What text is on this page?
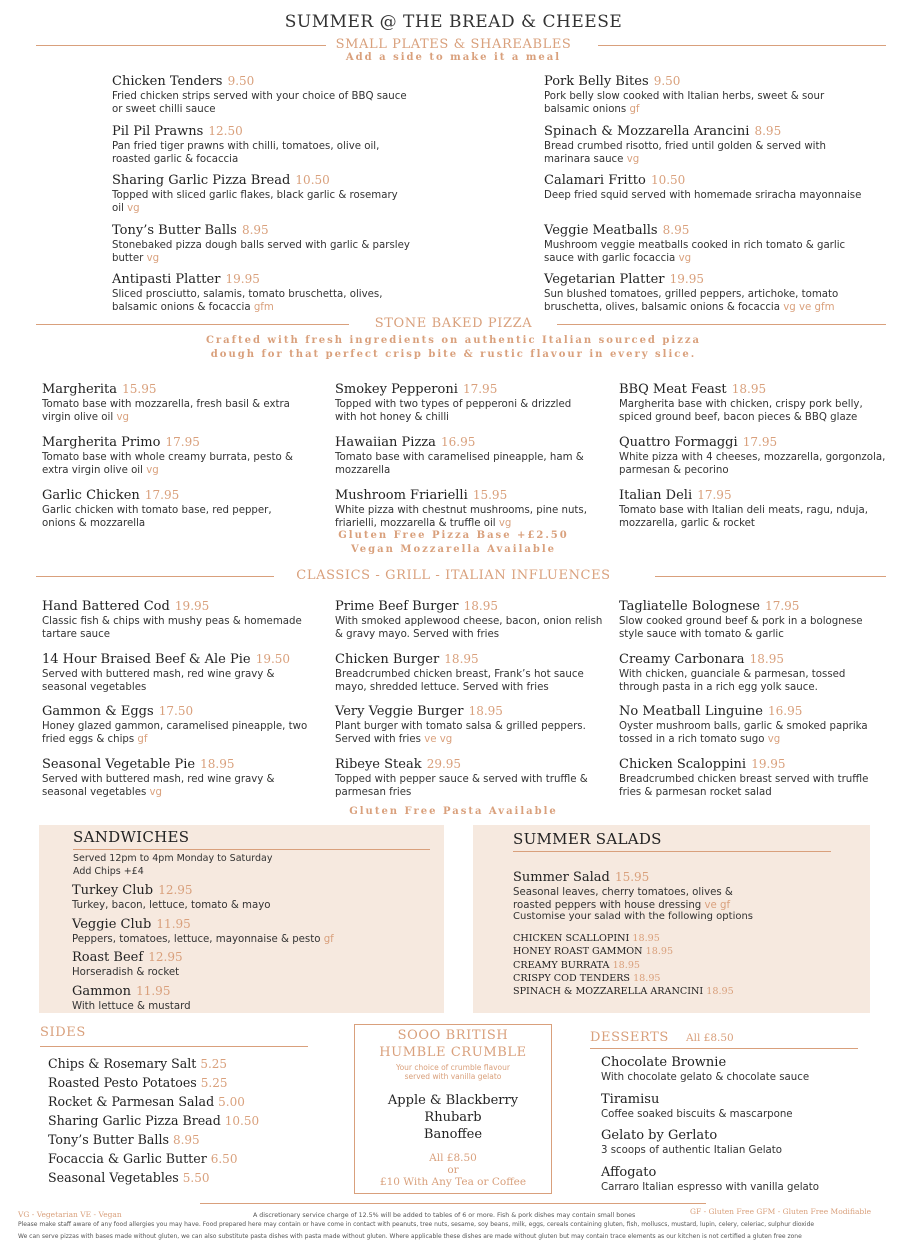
SUMMER @ THE BREAD & CHEESE
SMALL PLATES & SHAREABLES
Add a side to make it a meal
Chicken Tenders 9.50
Fried chicken strips served with your choice of BBQ sauce or sweet chilli sauce
Pil Pil Prawns 12.50
Pan fried tiger prawns with chilli, tomatoes, olive oil, roasted garlic & focaccia
Sharing Garlic Pizza Bread 10.50
Topped with sliced garlic flakes, black garlic & rosemary oil vg
Tony’s Butter Balls 8.95
Stonebaked pizza dough balls served with garlic & parsley butter vg
Antipasti Platter 19.95
Sliced prosciutto, salamis, tomato bruschetta, olives, balsamic onions & focaccia gfm
Pork Belly Bites 9.50
Pork belly slow cooked with Italian herbs, sweet & sour balsamic onions gf
Spinach & Mozzarella Arancini 8.95
Bread crumbed risotto, fried until golden & served with marinara sauce vg
Calamari Fritto 10.50
Deep fried squid served with homemade sriracha mayonnaise
Veggie Meatballs 8.95
Mushroom veggie meatballs cooked in rich tomato & garlic sauce with garlic focaccia vg
Vegetarian Platter 19.95
Sun blushed tomatoes, grilled peppers, artichoke, tomato bruschetta, olives, balsamic onions & focaccia vg ve gfm
STONE BAKED PIZZA
Crafted with fresh ingredients on authentic Italian sourced pizza
dough for that perfect crisp bite & rustic flavour in every slice.
Margherita 15.95
Tomato base with mozzarella, fresh basil & extra virgin olive oil vg
Margherita Primo 17.95
Tomato base with whole creamy burrata, pesto & extra virgin olive oil vg
Garlic Chicken 17.95
Garlic chicken with tomato base, red pepper, onions & mozzarella
Smokey Pepperoni 17.95
Topped with two types of pepperoni & drizzled with hot honey & chilli
Hawaiian Pizza 16.95
Tomato base with caramelised pineapple, ham & mozzarella
Mushroom Friarielli 15.95
White pizza with chestnut mushrooms, pine nuts, friarielli, mozzarella & truffle oil vg
BBQ Meat Feast 18.95
Margherita base with chicken, crispy pork belly, spiced ground beef, bacon pieces & BBQ glaze
Quattro Formaggi 17.95
White pizza with 4 cheeses, mozzarella, gorgonzola, parmesan & pecorino
Italian Deli 17.95
Tomato base with Italian deli meats, ragu, nduja, mozzarella, garlic & rocket
Gluten Free Pizza Base +£2.50
Vegan Mozzarella Available
CLASSICS - GRILL - ITALIAN INFLUENCES
Hand Battered Cod 19.95
Classic fish & chips with mushy peas & homemade tartare sauce
14 Hour Braised Beef & Ale Pie 19.50
Served with buttered mash, red wine gravy & seasonal vegetables
Gammon & Eggs 17.50
Honey glazed gammon, caramelised pineapple, two fried eggs & chips gf
Seasonal Vegetable Pie 18.95
Served with buttered mash, red wine gravy & seasonal vegetables vg
Prime Beef Burger 18.95
With smoked applewood cheese, bacon, onion relish & gravy mayo. Served with fries
Chicken Burger 18.95
Breadcrumbed chicken breast, Frank’s hot sauce mayo, shredded lettuce. Served with fries
Very Veggie Burger 18.95
Plant burger with tomato salsa & grilled peppers. Served with fries ve vg
Ribeye Steak 29.95
Topped with pepper sauce & served with truffle & parmesan fries
Tagliatelle Bolognese 17.95
Slow cooked ground beef & pork in a bolognese style sauce with tomato & garlic
Creamy Carbonara 18.95
With chicken, guanciale & parmesan, tossed through pasta in a rich egg yolk sauce.
No Meatball Linguine 16.95
Oyster mushroom balls, garlic & smoked paprika tossed in a rich tomato sugo vg
Chicken Scaloppini 19.95
Breadcrumbed chicken breast served with truffle fries & parmesan rocket salad
Gluten Free Pasta Available
SANDWICHES
Served 12pm to 4pm Monday to Saturday
Add Chips +£4
Turkey Club 12.95
Turkey, bacon, lettuce, tomato & mayo
Veggie Club 11.95
Peppers, tomatoes, lettuce, mayonnaise & pesto gf
Roast Beef 12.95
Horseradish & rocket
Gammon 11.95
With lettuce & mustard
SUMMER SALADS
Summer Salad 15.95
Seasonal leaves, cherry tomatoes, olives & roasted peppers with house dressing ve gf
Customise your salad with the following options
CHICKEN SCALLOPINI 18.95
HONEY ROAST GAMMON 18.95
CREAMY BURRATA 18.95
CRISPY COD TENDERS 18.95
SPINACH & MOZZARELLA ARANCINI 18.95
SIDES
Chips & Rosemary Salt 5.25
Roasted Pesto Potatoes 5.25
Rocket & Parmesan Salad 5.00
Sharing Garlic Pizza Bread 10.50
Tony’s Butter Balls 8.95
Focaccia & Garlic Butter 6.50
Seasonal Vegetables 5.50
SOOO BRITISH
HUMBLE CRUMBLE
Your choice of crumble flavour
served with vanilla gelato
Apple & Blackberry
Rhubarb
Banoffee
All £8.50
or
£10 With Any Tea or Coffee
DESSERTS All £8.50
Chocolate Brownie
With chocolate gelato & chocolate sauce
Tiramisu
Coffee soaked biscuits & mascarpone
Gelato by Gerlato
3 scoops of authentic Italian Gelato
Affogato
Carraro Italian espresso with vanilla gelato
VG - Vegetarian VE - Vegan	GF - Gluten Free GFM - Gluten Free Modifiable
A discretionary service charge of 12.5% will be added to tables of 6 or more. Fish & pork dishes may contain small bones
Please make staff aware of any food allergies you may have. Food prepared here may contain or have come in contact with peanuts, tree nuts, sesame, soy beans, milk, eggs, cereals containing gluten, fish, molluscs, mustard, lupin, celery, celeriac, sulphur dioxide
We can serve pizzas with bases made without gluten, we can also substitute pasta dishes with pasta made without gluten. Where applicable these dishes are made without gluten but may contain trace elements as our kitchen is not certified a gluten free zone
